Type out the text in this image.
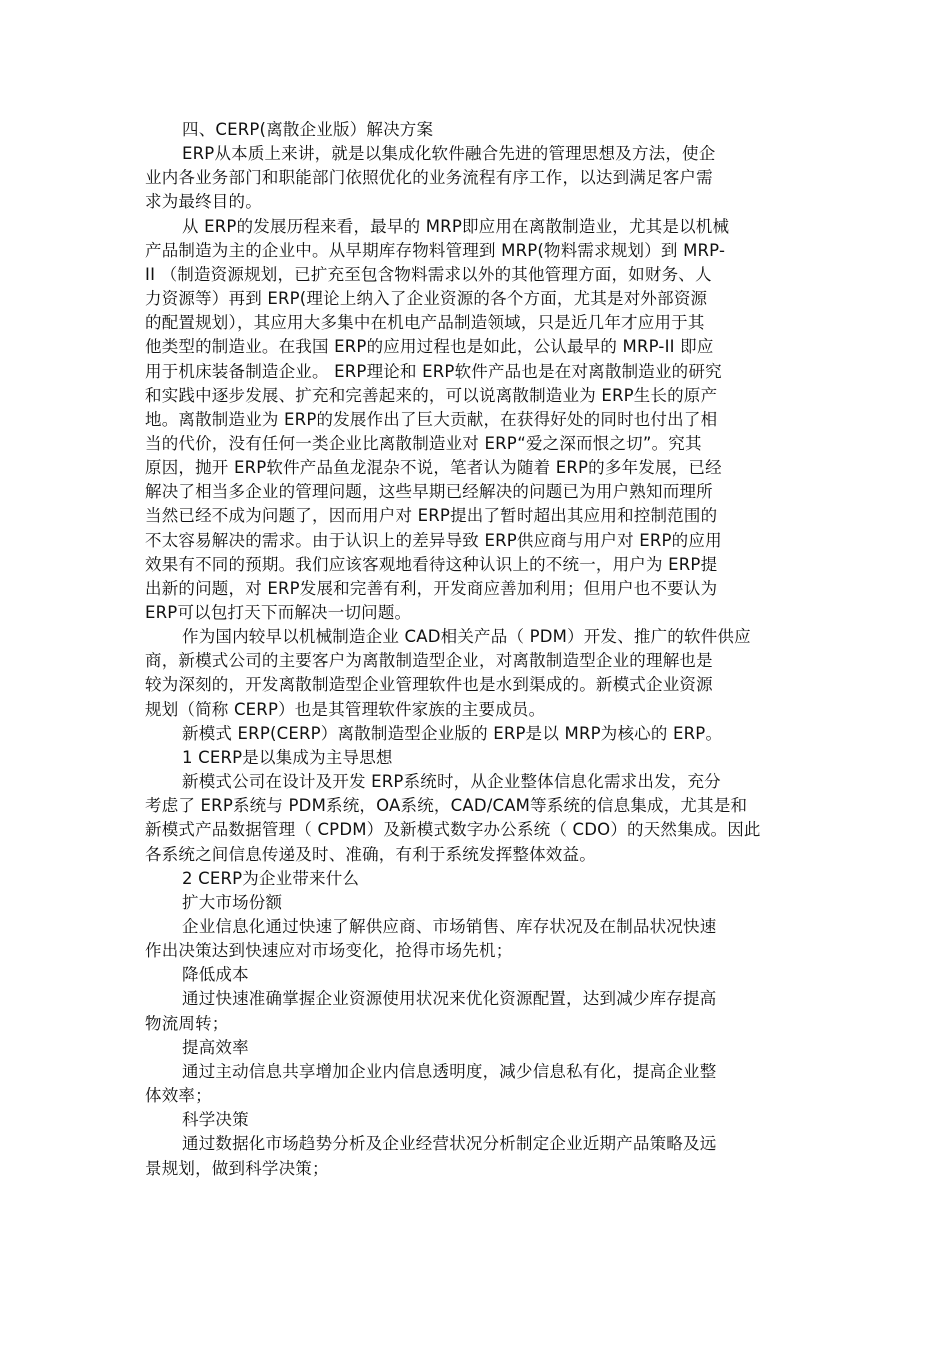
四、CERP(离散企业版）解决方案
ERP从本质上来讲，就是以集成化软件融合先进的管理思想及方法，使企
业内各业务部门和职能部门依照优化的业务流程有序工作，以达到满足客户需
求为最终目的。
从 ERP的发展历程来看，最早的 MRP即应用在离散制造业，尤其是以机械
产品制造为主的企业中。从早期库存物料管理到 MRP(物料需求规划）到 MRP-
II （制造资源规划，已扩充至包含物料需求以外的其他管理方面，如财务、人
力资源等）再到 ERP(理论上纳入了企业资源的各个方面，尤其是对外部资源
的配置规划），其应用大多集中在机电产品制造领域，只是近几年才应用于其
他类型的制造业。在我国 ERP的应用过程也是如此，公认最早的 MRP-II 即应
用于机床装备制造企业。 ERP理论和 ERP软件产品也是在对离散制造业的研究
和实践中逐步发展、扩充和完善起来的，可以说离散制造业为 ERP生长的原产
地。离散制造业为 ERP的发展作出了巨大贡献，在获得好处的同时也付出了相
当的代价，没有任何一类企业比离散制造业对 ERP“爱之深而恨之切”。究其
原因，抛开 ERP软件产品鱼龙混杂不说，笔者认为随着 ERP的多年发展，已经
解决了相当多企业的管理问题，这些早期已经解决的问题已为用户熟知而理所
当然已经不成为问题了，因而用户对 ERP提出了暂时超出其应用和控制范围的
不太容易解决的需求。由于认识上的差异导致 ERP供应商与用户对 ERP的应用
效果有不同的预期。我们应该客观地看待这种认识上的不统一，用户为 ERP提
出新的问题，对 ERP发展和完善有利，开发商应善加利用；但用户也不要认为
ERP可以包打天下而解决一切问题。
作为国内较早以机械制造企业 CAD相关产品（ PDM）开发、推广的软件供应
商，新模式公司的主要客户为离散制造型企业，对离散制造型企业的理解也是
较为深刻的，开发离散制造型企业管理软件也是水到渠成的。新模式企业资源
规划（简称 CERP）也是其管理软件家族的主要成员。
新模式 ERP(CERP）离散制造型企业版的 ERP是以 MRP为核心的 ERP。
1 CERP是以集成为主导思想
新模式公司在设计及开发 ERP系统时，从企业整体信息化需求出发，充分
考虑了 ERP系统与 PDM系统，OA系统，CAD/CAM等系统的信息集成，尤其是和
新模式产品数据管理（ CPDM）及新模式数字办公系统（ CDO）的天然集成。因此
各系统之间信息传递及时、准确，有利于系统发挥整体效益。
2 CERP为企业带来什么
扩大市场份额
企业信息化通过快速了解供应商、市场销售、库存状况及在制品状况快速
作出决策达到快速应对市场变化，抢得市场先机；
降低成本
通过快速准确掌握企业资源使用状况来优化资源配置，达到减少库存提高
物流周转；
提高效率
通过主动信息共享增加企业内信息透明度，减少信息私有化，提高企业整
体效率；
科学决策
通过数据化市场趋势分析及企业经营状况分析制定企业近期产品策略及远
景规划，做到科学决策；
